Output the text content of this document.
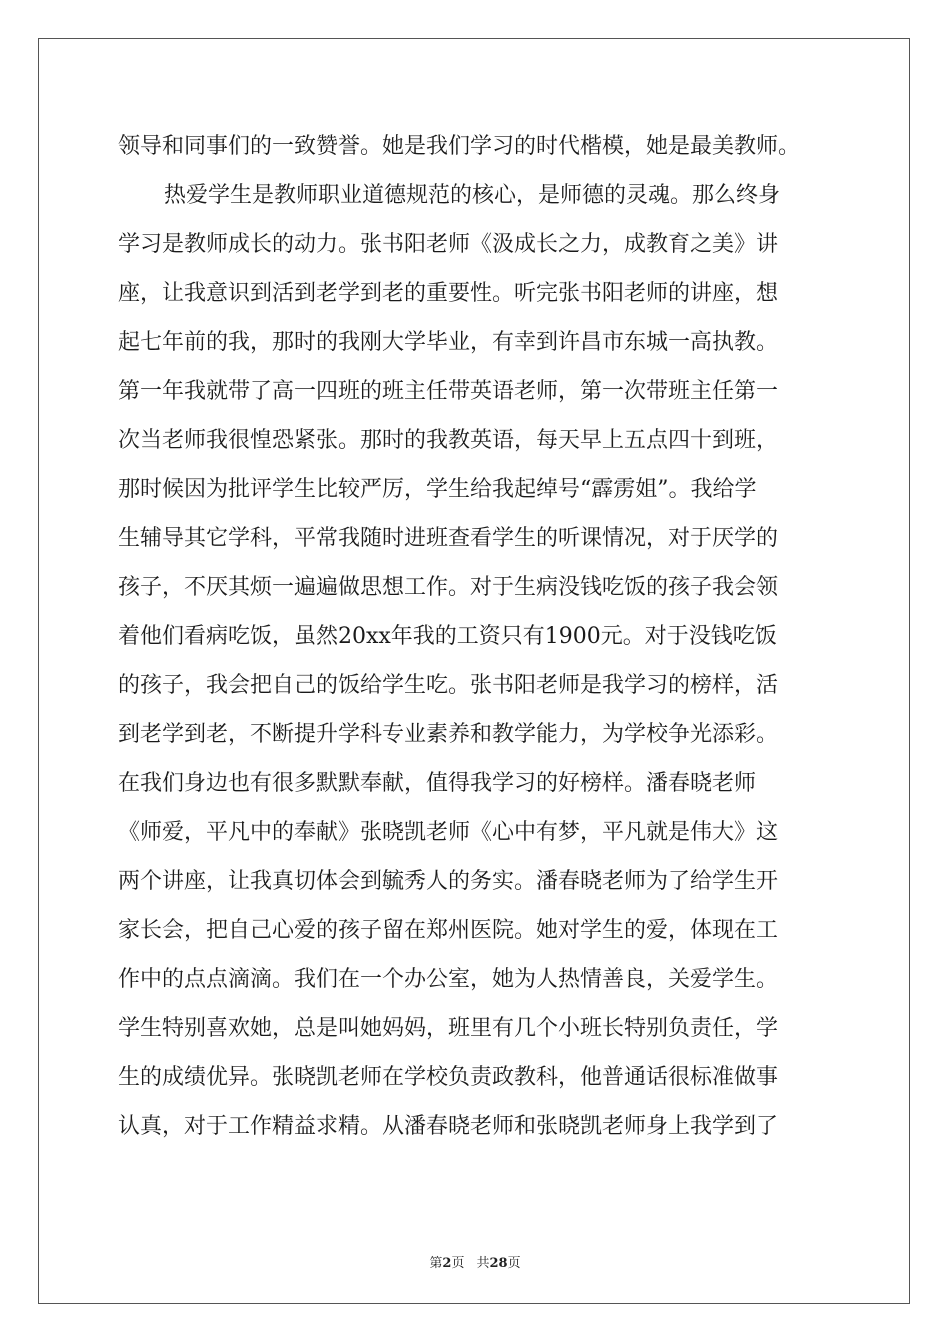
领导和同事们的一致赞誉。她是我们学习的时代楷模，她是最美教师。
热爱学生是教师职业道德规范的核心，是师德的灵魂。那么终身
学习是教师成长的动力。张书阳老师《汲成长之力，成教育之美》讲
座，让我意识到活到老学到老的重要性。听完张书阳老师的讲座，想
起七年前的我，那时的我刚大学毕业，有幸到许昌市东城一高执教。
第一年我就带了高一四班的班主任带英语老师，第一次带班主任第一
次当老师我很惶恐紧张。那时的我教英语，每天早上五点四十到班，
那时候因为批评学生比较严厉，学生给我起绰号“霹雳姐”。我给学
生辅导其它学科，平常我随时进班查看学生的听课情况，对于厌学的
孩子，不厌其烦一遍遍做思想工作。对于生病没钱吃饭的孩子我会领
着他们看病吃饭，虽然20xx年我的工资只有1900元。对于没钱吃饭
的孩子，我会把自己的饭给学生吃。张书阳老师是我学习的榜样，活
到老学到老，不断提升学科专业素养和教学能力，为学校争光添彩。
在我们身边也有很多默默奉献，值得我学习的好榜样。潘春晓老师
《师爱，平凡中的奉献》张晓凯老师《心中有梦，平凡就是伟大》这
两个讲座，让我真切体会到毓秀人的务实。潘春晓老师为了给学生开
家长会，把自己心爱的孩子留在郑州医院。她对学生的爱，体现在工
作中的点点滴滴。我们在一个办公室，她为人热情善良，关爱学生。
学生特别喜欢她，总是叫她妈妈，班里有几个小班长特别负责任，学
生的成绩优异。张晓凯老师在学校负责政教科，他普通话很标准做事
认真，对于工作精益求精。从潘春晓老师和张晓凯老师身上我学到了
第2页 共28页
